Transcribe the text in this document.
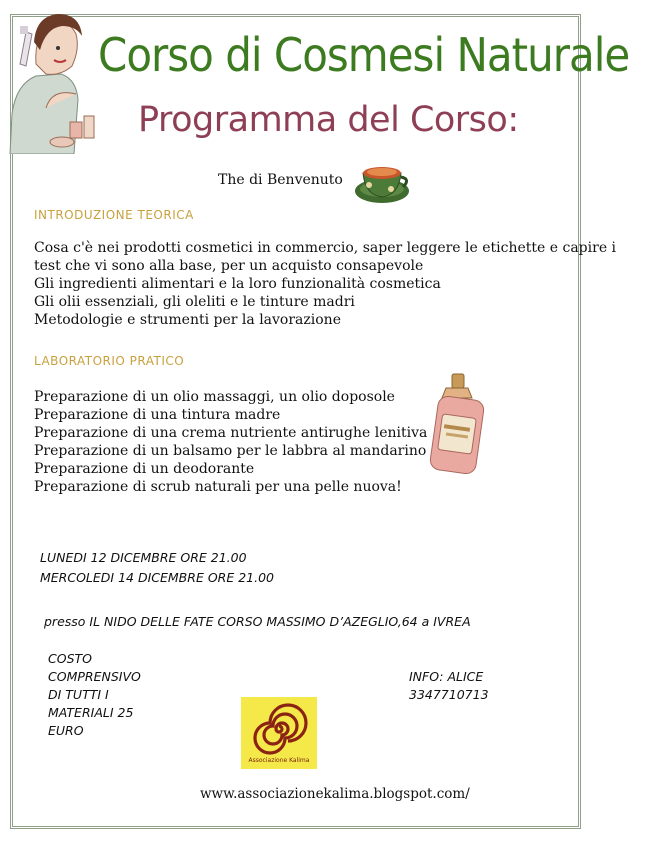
Corso di Cosmesi Naturale
Programma del Corso:
The di Benvenuto
INTRODUZIONE TEORICA
Cosa c'è nei prodotti cosmetici in commercio, saper leggere le etichette e capire i
test che vi sono alla base, per un acquisto consapevole
Gli ingredienti alimentari e la loro funzionalità cosmetica
Gli olii essenziali, gli oleliti e le tinture madri
Metodologie e strumenti per la lavorazione
LABORATORIO PRATICO
Preparazione di un olio massaggi, un olio doposole
Preparazione di una tintura madre
Preparazione di una crema nutriente antirughe lenitiva
Preparazione di un balsamo per le labbra al mandarino
Preparazione di un deodorante
Preparazione di scrub naturali per una pelle nuova!
LUNEDI 12 DICEMBRE ORE 21.00
MERCOLEDI 14 DICEMBRE ORE 21.00
presso IL NIDO DELLE FATE CORSO MASSIMO D’AZEGLIO,64 a IVREA
COSTO
COMPRENSIVO
DI TUTTI I
MATERIALI 25
EURO
INFO: ALICE
3347710713
Associazione Kalima
www.associazionekalima.blogspot.com/
